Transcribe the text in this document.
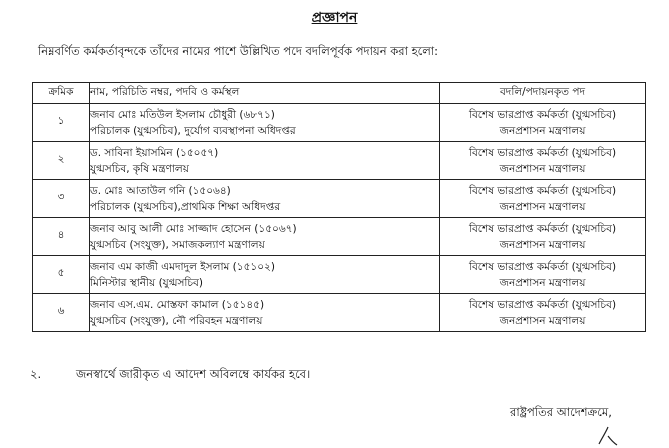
প্রজ্ঞাপন
নিম্নবর্ণিত কর্মকর্তাবৃন্দকে তাঁদের নামের পাশে উল্লিখিত পদে বদলিপূর্বক পদায়ন করা হলো:
ক্রমিক	নাম, পরিচিতি নম্বর, পদবি ও কর্মস্থল	বদলি/পদায়নকৃত পদ
১	জনাব মোঃ মতিউল ইসলাম চৌধুরী (৬৮৭১)
পরিচালক (যুগ্মসচিব), দুর্যোগ ব্যবস্থাপনা অধিদপ্তর	বিশেষ ভারপ্রাপ্ত কর্মকর্তা (যুগ্মসচিব)
জনপ্রশাসন মন্ত্রণালয়

২	ড. সাবিনা ইয়াসমিন (১৫০৫৭)
যুগ্মসচিব, কৃষি মন্ত্রণালয়	বিশেষ ভারপ্রাপ্ত কর্মকর্তা (যুগ্মসচিব)
জনপ্রশাসন মন্ত্রণালয়

৩	ড. মোঃ আতাউল গনি (১৫০৬৪)
পরিচালক (যুগ্মসচিব),প্রাথমিক শিক্ষা অধিদপ্তর	বিশেষ ভারপ্রাপ্ত কর্মকর্তা (যুগ্মসচিব)
জনপ্রশাসন মন্ত্রণালয়

৪	জনাব আবু আলী মোঃ সাজ্জাদ হোসেন (১৫০৬৭)
যুগ্মসচিব (সংযুক্ত), সমাজকল্যাণ মন্ত্রণালয়	বিশেষ ভারপ্রাপ্ত কর্মকর্তা (যুগ্মসচিব)
জনপ্রশাসন মন্ত্রণালয়

৫	জনাব এম কাজী এমদাদুল ইসলাম (১৫১০২)
মিনিস্টার স্থানীয় (যুগ্মসচিব)	বিশেষ ভারপ্রাপ্ত কর্মকর্তা (যুগ্মসচিব)
জনপ্রশাসন মন্ত্রণালয়

৬	জনাব এস.এম. মোস্তফা কামাল (১৫১৪৫)
যুগ্মসচিব (সংযুক্ত), নৌ পরিবহন মন্ত্রণালয়	বিশেষ ভারপ্রাপ্ত কর্মকর্তা (যুগ্মসচিব)
জনপ্রশাসন মন্ত্রণালয়
২.	জনস্বার্থে জারীকৃত এ আদেশ অবিলম্বে কার্যকর হবে।
রাষ্ট্রপতির আদেশক্রমে,
